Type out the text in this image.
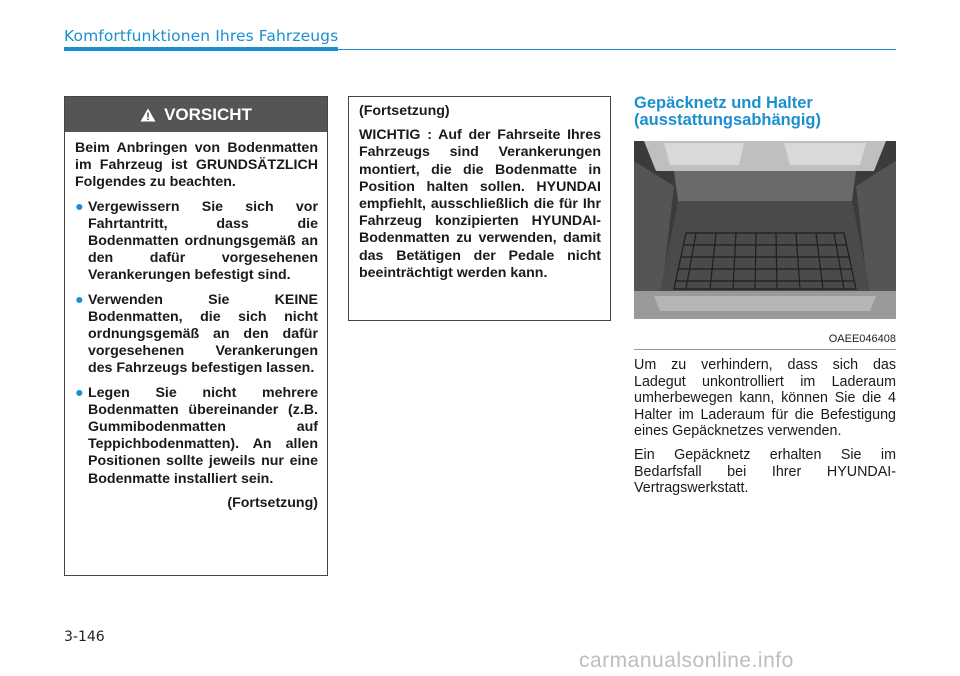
Komfortfunktionen Ihres Fahrzeugs
VORSICHT

Beim Anbringen von Bodenmatten im Fahrzeug ist GRUNDSÄTZLICH Folgendes zu beachten.

● Vergewissern Sie sich vor Fahrtantritt, dass die Bodenmatten ordnungsgemäß an den dafür vorgesehenen Verankerungen befestigt sind.
● Verwenden Sie KEINE Bodenmatten, die sich nicht ordnungsgemäß an den dafür vorgesehenen Verankerungen des Fahrzeugs befestigen lassen.
● Legen Sie nicht mehrere Bodenmatten übereinander (z.B. Gummibodenmatten auf Teppichbodenmatten). An allen Positionen sollte jeweils nur eine Bodenmatte installiert sein.
(Fortsetzung)

(Fortsetzung)

WICHTIG : Auf der Fahrseite Ihres Fahrzeugs sind Verankerungen montiert, die die Bodenmatte in Position halten sollen. HYUNDAI empfiehlt, ausschließlich die für Ihr Fahrzeug konzipierten HYUNDAI-Bodenmatten zu verwenden, damit das Betätigen der Pedale nicht beeinträchtigt werden kann.

Gepäcknetz und Halter (ausstattungsabhängig)
OAEE046408

Um zu verhindern, dass sich das Ladegut unkontrolliert im Laderaum umherbewegen kann, können Sie die 4 Halter im Laderaum für die Befestigung eines Gepäcknetzes verwenden.

Ein Gepäcknetz erhalten Sie im Bedarfsfall bei Ihrer HYUNDAI-Vertragswerkstatt.

3-146
carmanualsonline.info
